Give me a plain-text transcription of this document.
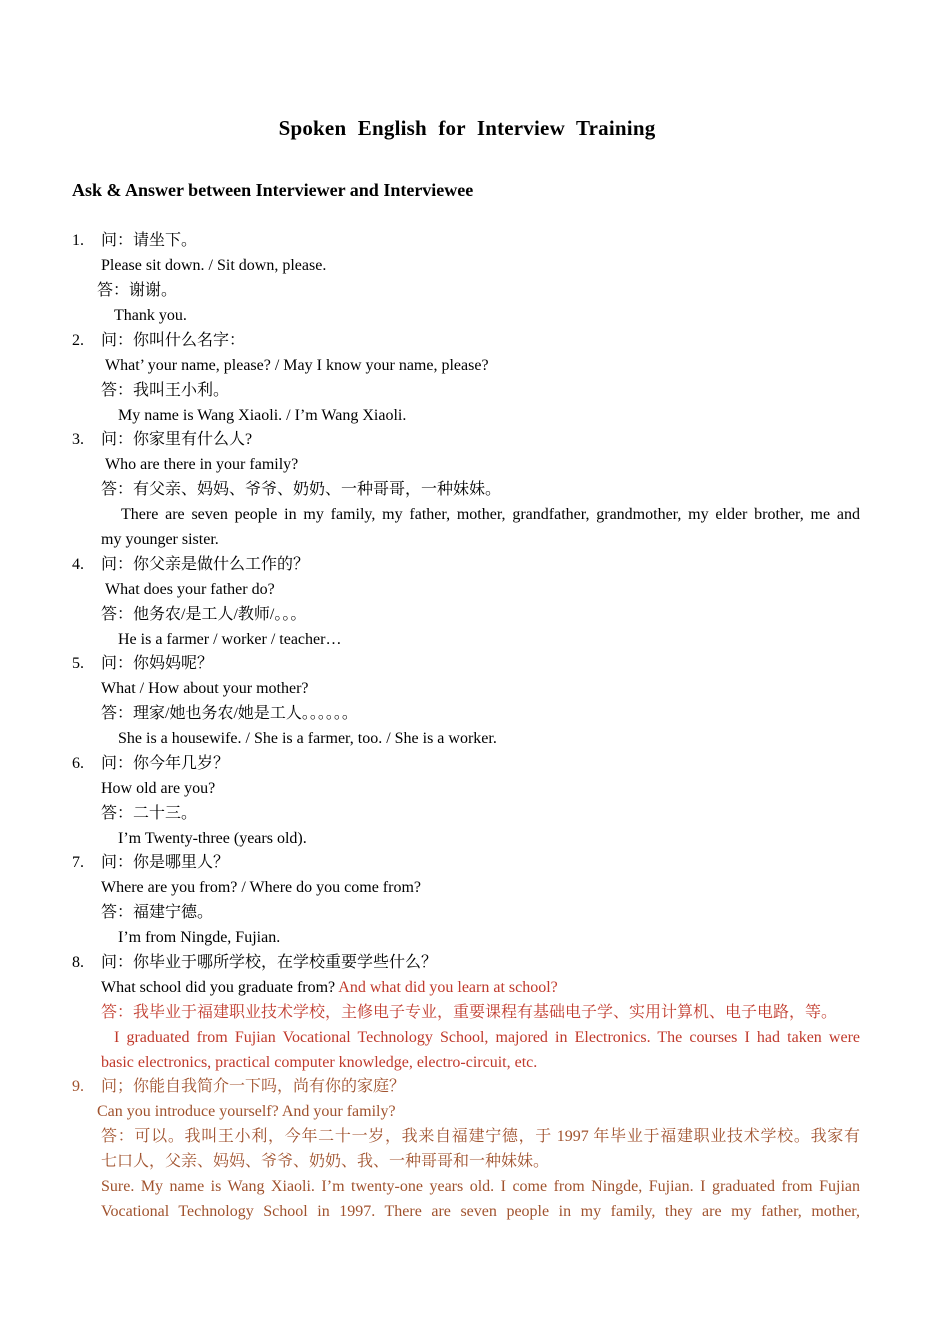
Spoken English for Interview Training
Ask & Answer between Interviewer and Interviewee
1. 问：请坐下。
Please sit down. / Sit down, please.
答：谢谢。
Thank you.
2. 问：你叫什么名字：
What’ your name, please? / May I know your name, please?
答：我叫王小利。
My name is Wang Xiaoli. / I’m Wang Xiaoli.
3. 问：你家里有什么人?
Who are there in your family?
答：有父亲、妈妈、爷爷、奶奶、一种哥哥，一种妹妹。
There are seven people in my family, my father, mother, grandfather, grandmother, my elder brother, me and
my younger sister.
4. 问：你父亲是做什么工作的？
What does your father do?
答：他务农/是工人/教师/。。。
He is a farmer / worker / teacher…
5. 问：你妈妈呢？
What / How about your mother?
答：理家/她也务农/她是工人。。。。。。
She is a housewife. / She is a farmer, too. / She is a worker.
6. 问：你今年几岁？
How old are you?
答：二十三。
I’m Twenty-three (years old).
7. 问：你是哪里人？
Where are you from? / Where do you come from?
答：福建宁德。
I’m from Ningde, Fujian.
8. 问：你毕业于哪所学校，在学校重要学些什么？
What school did you graduate from? And what did you learn at school?
答：我毕业于福建职业技术学校，主修电子专业，重要课程有基础电子学、实用计算机、电子电路，等。
I graduated from Fujian Vocational Technology School, majored in Electronics. The courses I had taken were
basic electronics, practical computer knowledge, electro-circuit, etc.
9. 问；你能自我简介一下吗，尚有你的家庭？
Can you introduce yourself? And your family?
答：可以。我叫王小利，今年二十一岁，我来自福建宁德，于 1997 年毕业于福建职业技术学校。我家有
七口人，父亲、妈妈、爷爷、奶奶、我、一种哥哥和一种妹妹。
Sure. My name is Wang Xiaoli. I’m twenty-one years old. I come from Ningde, Fujian. I graduated from Fujian
Vocational Technology School in 1997. There are seven people in my family, they are my father, mother,
